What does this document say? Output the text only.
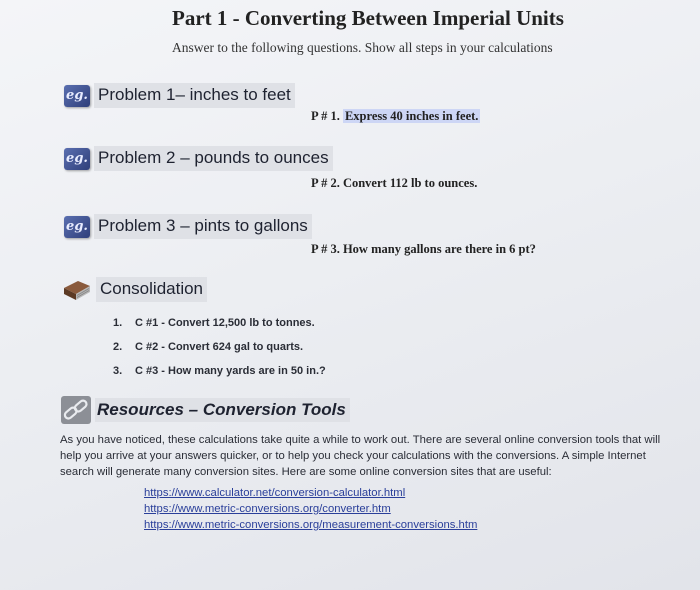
Part 1 - Converting Between Imperial Units
Answer to the following questions. Show all steps in your calculations
eg. Problem 1– inches to feet
P # 1. Express 40 inches in feet.
eg. Problem 2 – pounds to ounces
P # 2. Convert 112 lb to ounces.
eg. Problem 3 – pints to gallons
P # 3. How many gallons are there in 6 pt?
Consolidation
1.	C #1 - Convert 12,500 lb to tonnes.
2.	C #2 - Convert 624 gal to quarts.
3.	C #3 - How many yards are in 50 in.?
Resources – Conversion Tools
As you have noticed, these calculations take quite a while to work out. There are several online conversion tools that will help you arrive at your answers quicker, or to help you check your calculations with the conversions. A simple Internet search will generate many conversion sites. Here are some online conversion sites that are useful:
https://www.calculator.net/conversion-calculator.html
https://www.metric-conversions.org/converter.htm
https://www.metric-conversions.org/measurement-conversions.htm
